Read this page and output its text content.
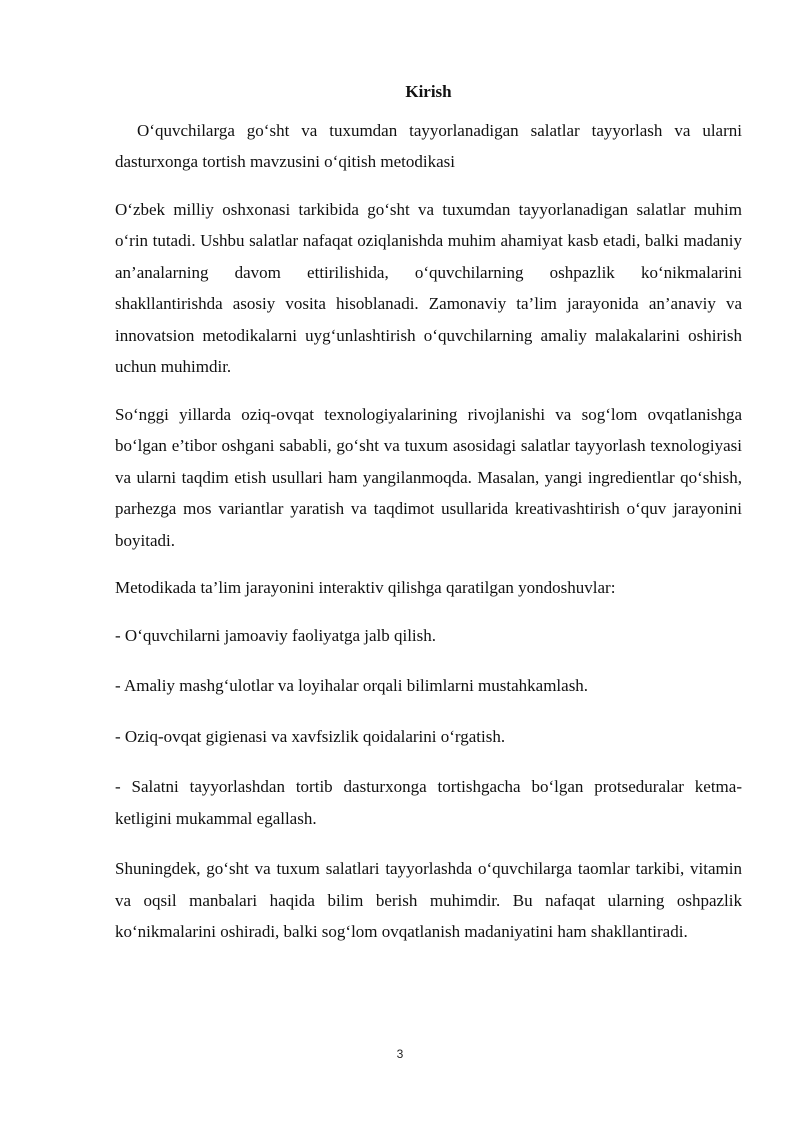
Kirish

O‘quvchilarga go‘sht va tuxumdan tayyorlanadigan salatlar tayyorlash va ularni dasturxonga tortish mavzusini o‘qitish metodikasi

O‘zbek milliy oshxonasi tarkibida go‘sht va tuxumdan tayyorlanadigan salatlar muhim o‘rin tutadi. Ushbu salatlar nafaqat oziqlanishda muhim ahamiyat kasb etadi, balki madaniy an’analarning davom ettirilishida, o‘quvchilarning oshpazlik ko‘nikmalarini shakllantirishda asosiy vosita hisoblanadi. Zamonaviy ta’lim jarayonida an’anaviy va innovatsion metodikalarni uyg‘unlashtirish o‘quvchilarning amaliy malakalarini oshirish uchun muhimdir.

So‘nggi yillarda oziq-ovqat texnologiyalarining rivojlanishi va sog‘lom ovqatlanishga bo‘lgan e’tibor oshgani sababli, go‘sht va tuxum asosidagi salatlar tayyorlash texnologiyasi va ularni taqdim etish usullari ham yangilanmoqda. Masalan, yangi ingredientlar qo‘shish, parhezga mos variantlar yaratish va taqdimot usullarida kreativashtirish o‘quv jarayonini boyitadi.

Metodikada ta’lim jarayonini interaktiv qilishga qaratilgan yondoshuvlar:

- O‘quvchilarni jamoaviy faoliyatga jalb qilish.

- Amaliy mashg‘ulotlar va loyihalar orqali bilimlarni mustahkamlash.

- Oziq-ovqat gigienasi va xavfsizlik qoidalarini o‘rgatish.

- Salatni tayyorlashdan tortib dasturxonga tortishgacha bo‘lgan protseduralar ketma-ketligini mukammal egallash.

Shuningdek, go‘sht va tuxum salatlari tayyorlashda o‘quvchilarga taomlar tarkibi, vitamin va oqsil manbalari haqida bilim berish muhimdir. Bu nafaqat ularning oshpazlik ko‘nikmalarini oshiradi, balki sog‘lom ovqatlanish madaniyatini ham shakllantiradi.

3
